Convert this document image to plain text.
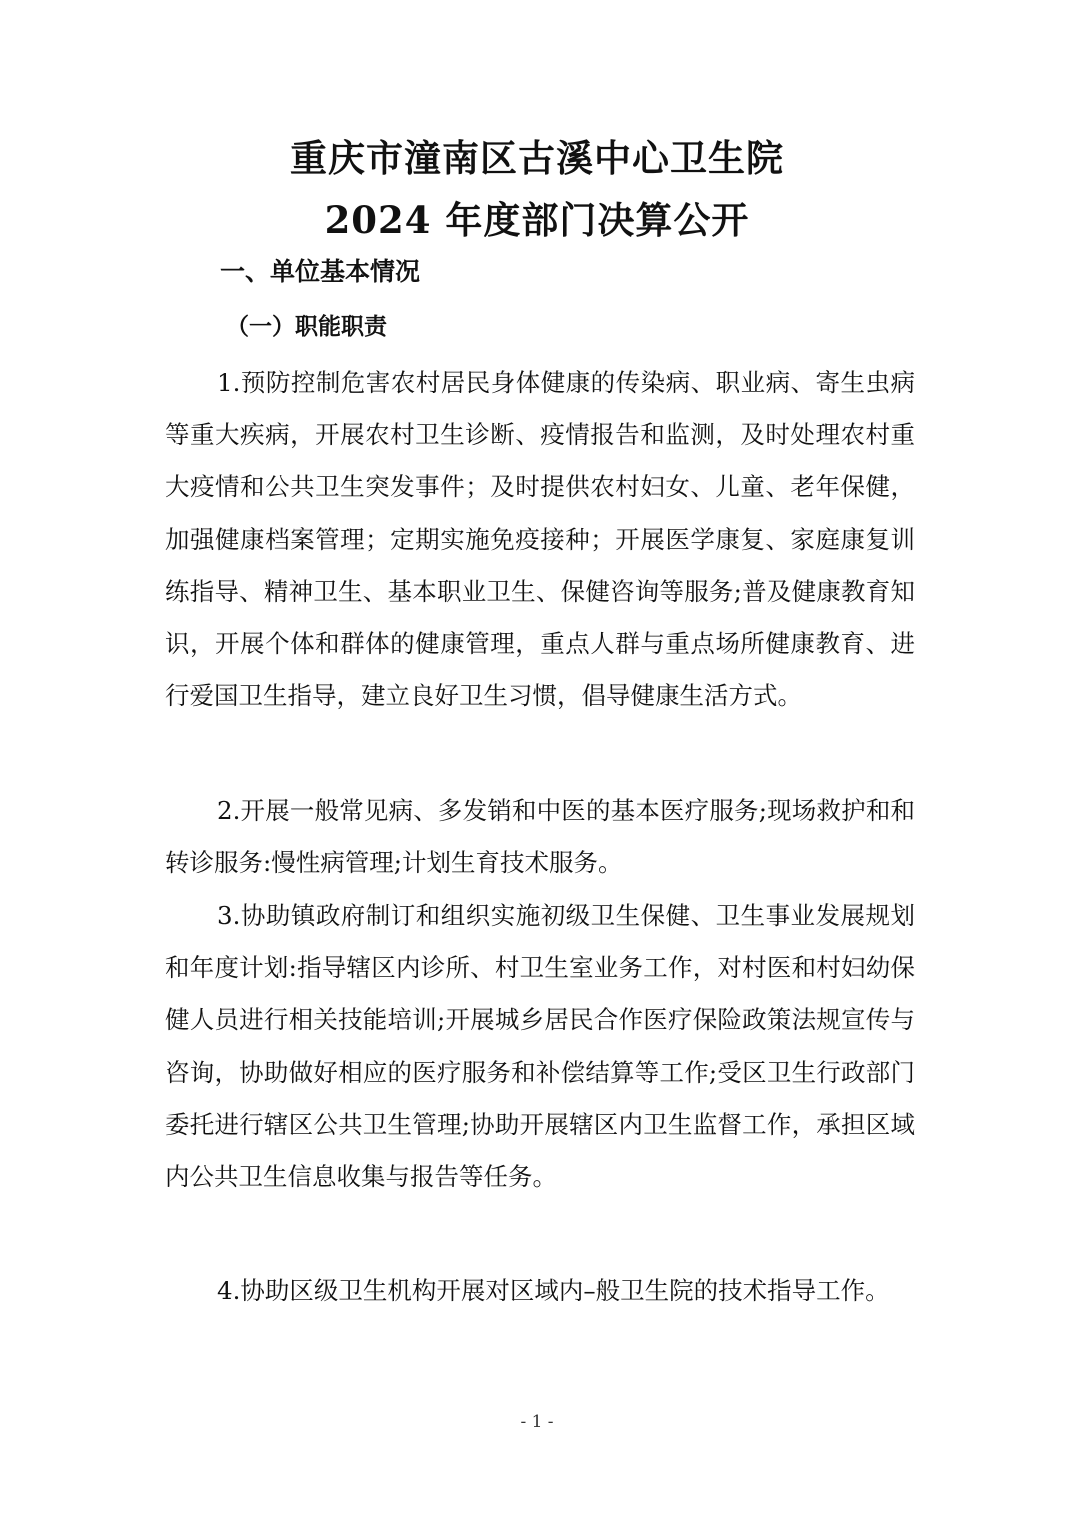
重庆市潼南区古溪中心卫生院
2024 年度部门决算公开
一、单位基本情况
（一）职能职责

1.预防控制危害农村居民身体健康的传染病、职业病、寄生虫病等重大疾病，开展农村卫生诊断、疫情报告和监测，及时处理农村重大疫情和公共卫生突发事件；及时提供农村妇女、儿童、老年保健，加强健康档案管理；定期实施免疫接种；开展医学康复、家庭康复训练指导、精神卫生、基本职业卫生、保健咨询等服务;普及健康教育知识，开展个体和群体的健康管理，重点人群与重点场所健康教育、进行爱国卫生指导，建立良好卫生习惯，倡导健康生活方式。

2.开展一般常见病、多发销和中医的基本医疗服务;现场救护和和转诊服务:慢性病管理;计划生育技术服务。

3.协助镇政府制订和组织实施初级卫生保健、卫生事业发展规划和年度计划:指导辖区内诊所、村卫生室业务工作，对村医和村妇幼保健人员进行相关技能培训;开展城乡居民合作医疗保险政策法规宣传与咨询，协助做好相应的医疗服务和补偿结算等工作;受区卫生行政部门委托进行辖区公共卫生管理;协助开展辖区内卫生监督工作，承担区域内公共卫生信息收集与报告等任务。

4.协助区级卫生机构开展对区域内–般卫生院的技术指导工作。

- 1 -
